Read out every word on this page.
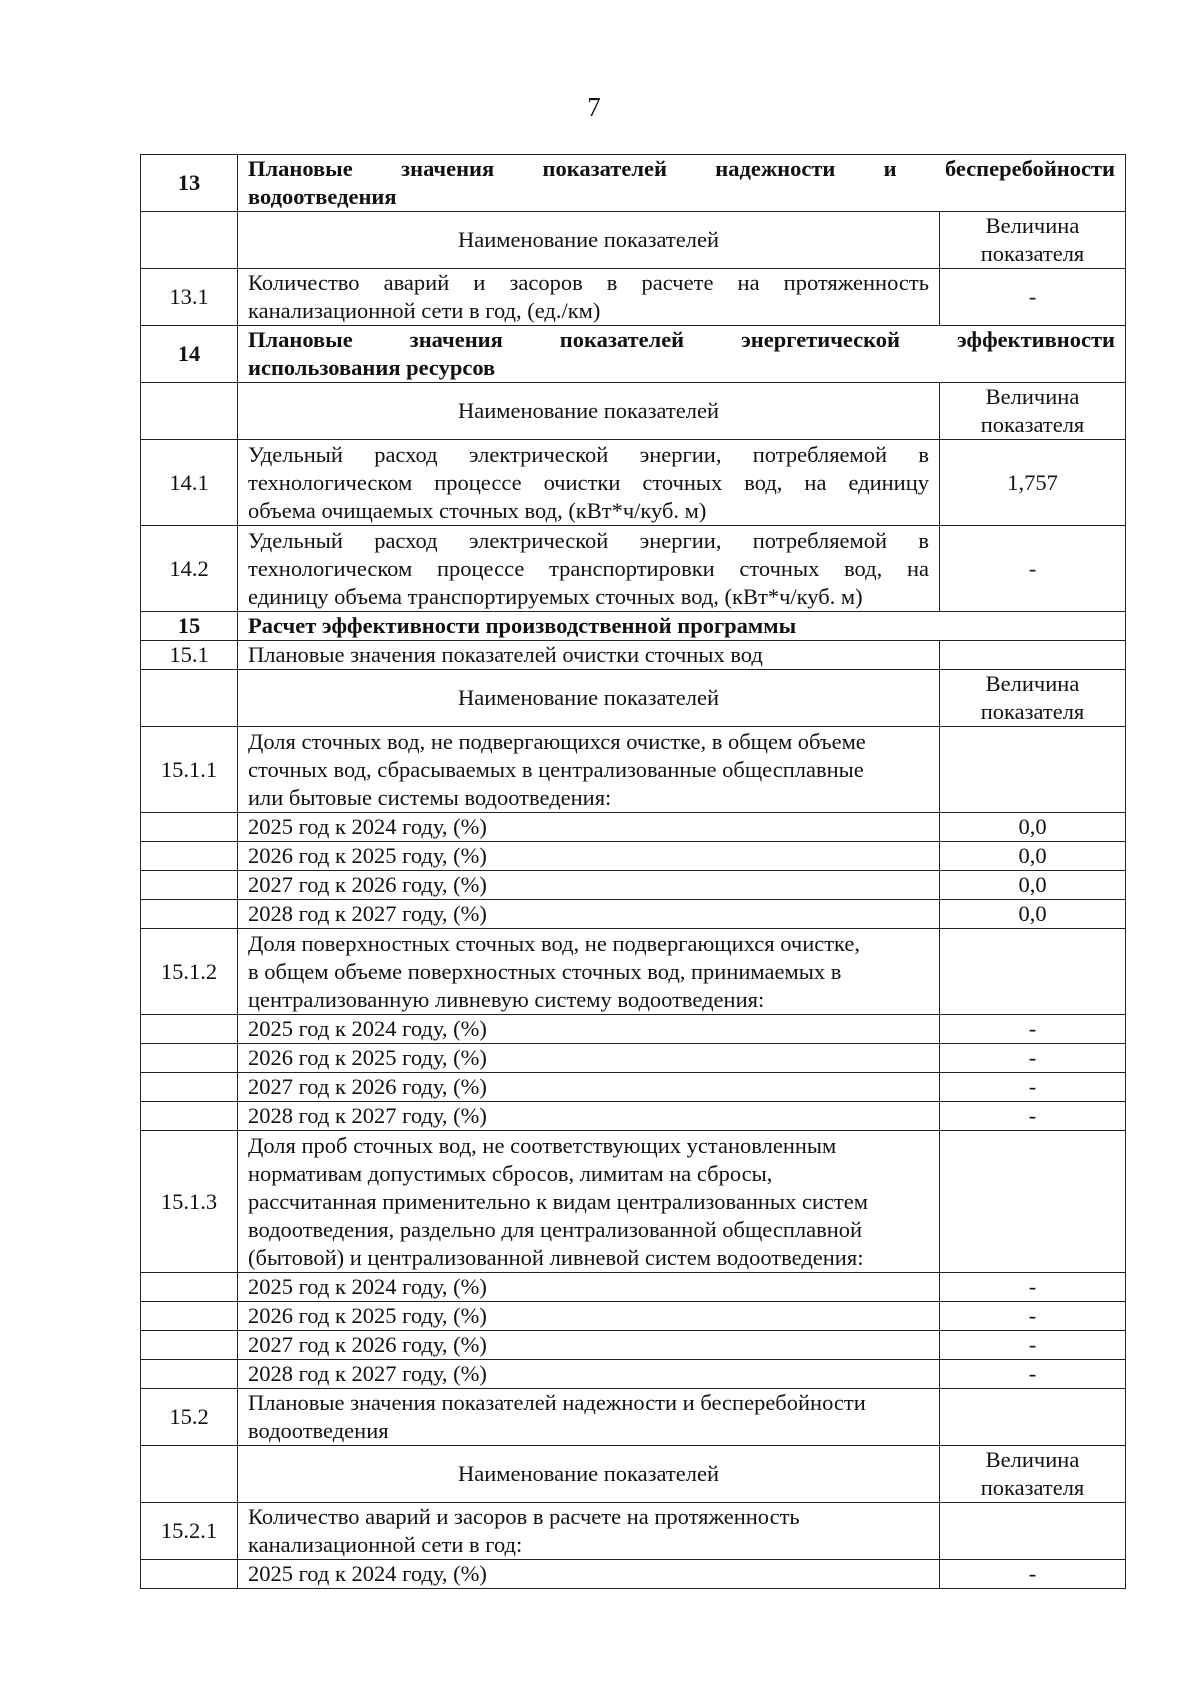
7
13	Плановые значения показателей надежности и бесперебойности
водоотведения	

	Наименование показателей	Величина показателя
13.1	Количество аварий и засоров в расчете на протяженность
канализационной сети в год, (ед./км)	-
14	Плановые значения показателей энергетической эффективности
использования ресурсов	

	Наименование показателей	Величина показателя
14.1	Удельный расход электрической энергии, потребляемой в
технологическом процессе очистки сточных вод, на единицу
объема очищаемых сточных вод, (кВт*ч/куб. м)	1,757
14.2	Удельный расход электрической энергии, потребляемой в
технологическом процессе транспортировки сточных вод, на
единицу объема транспортируемых сточных вод, (кВт*ч/куб. м)	-
15	Расчет эффективности производственной программы	
15.1	Плановые значения показателей очистки сточных вод	
	Наименование показателей	Величина показателя
15.1.1	Доля сточных вод, не подвергающихся очистке, в общем объеме
сточных вод, сбрасываемых в централизованные общесплавные
или бытовые системы водоотведения:	

	2025 год к 2024 году, (%)	0,0
	2026 год к 2025 году, (%)	0,0
	2027 год к 2026 году, (%)	0,0
	2028 год к 2027 году, (%)	0,0
15.1.2	Доля поверхностных сточных вод, не подвергающихся очистке,
в общем объеме поверхностных сточных вод, принимаемых в
централизованную ливневую систему водоотведения:	

	2025 год к 2024 году, (%)	-
	2026 год к 2025 году, (%)	-
	2027 год к 2026 году, (%)	-
	2028 год к 2027 году, (%)	-
15.1.3	Доля проб сточных вод, не соответствующих установленным
нормативам допустимых сбросов, лимитам на сбросы,
рассчитанная применительно к видам централизованных систем
водоотведения, раздельно для централизованной общесплавной
(бытовой) и централизованной ливневой систем водоотведения:	

	2025 год к 2024 году, (%)	-
	2026 год к 2025 году, (%)	-
	2027 год к 2026 году, (%)	-
	2028 год к 2027 году, (%)	-
15.2	Плановые значения показателей надежности и бесперебойности
водоотведения	

	Наименование показателей	Величина показателя
15.2.1	Количество аварий и засоров в расчете на протяженность
канализационной сети в год:	

	2025 год к 2024 году, (%)	-
